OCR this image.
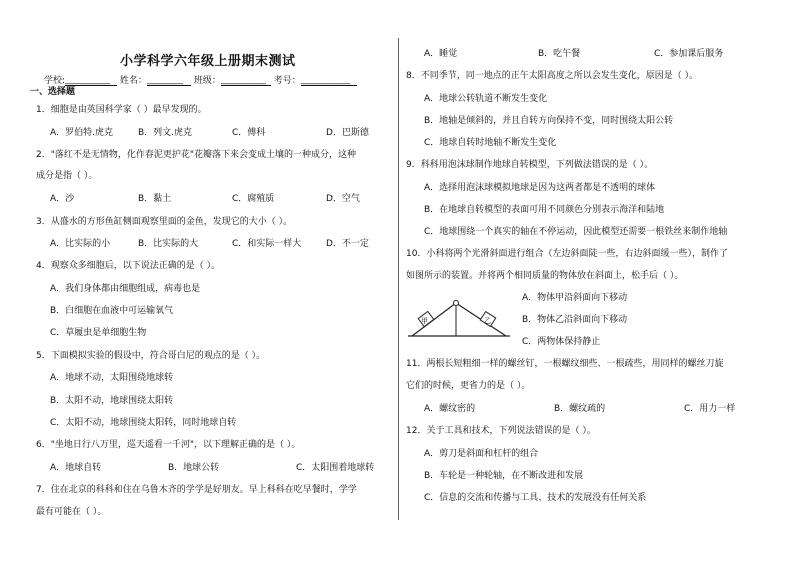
小学科学六年级上册期末测试
学校:__________ 姓名：________ 班级：__________ 考号：___________
一、选择题
1．细胞是由英国科学家（ ）最早发现的。
A．罗伯特.虎克	B．列文.虎克	C．傅科	D．巴斯德
2．"落红不是无情物，化作春泥更护花"花瓣落下来会变成土壤的一种成分，这种
成分是指（ ）。
A．沙	B．黏土	C．腐殖质	D．空气
3．从盛水的方形鱼缸侧面观察里面的金鱼，发现它的大小（ ）。
A．比实际的小	B．比实际的大	C．和实际一样大	D．不一定
4．观察众多细胞后，以下说法正确的是（ ）。
A．我们身体都由细胞组成，病毒也是
B．白细胞在血液中可运输氧气
C．草履虫是单细胞生物
5．下面模拟实验的假设中，符合哥白尼的观点的是（ ）。
A．地球不动，太阳围绕地球转
B．太阳不动，地球围绕太阳转
C．太阳不动，地球围绕太阳转，同时地球自转
6．"坐地日行八万里，巡天遥看一千河"，以下理解正确的是（ ）。
A．地球自转	B．地球公转	C．太阳围着地球转
7．住在北京的科科和住在乌鲁木齐的学学是好朋友。早上科科在吃早餐时，学学
最有可能在（ ）。
A．睡觉	B．吃午餐	C．参加课后服务
8．不同季节，同一地点的正午太阳高度之所以会发生变化，原因是（ ）。
A．地球公转轨道不断发生变化
B．地轴是倾斜的，并且自转方向保持不变，同时围绕太阳公转
C．地球自转时地轴不断发生变化
9．科科用泡沫球制作地球自转模型，下列做法错误的是（ ）。
A．选择用泡沫球模拟地球是因为这两者都是不透明的球体
B．在地球自转模型的表面可用不同颜色分别表示海洋和陆地
C．地球围绕一个真实的轴在不停运动，因此模型还需要一根铁丝来制作地轴
10．小科将两个光滑斜面进行组合（左边斜面陡一些，右边斜面缓一些），制作了
如图所示的装置。并将两个相同质量的物体放在斜面上，松手后（ ）。
甲	乙
A．物体甲沿斜面向下移动
B．物体乙沿斜面向下移动
C．两物体保持静止
11．两根长短粗细一样的螺丝钉，一根螺纹细些、一根疏些，用同样的螺丝刀旋
它们的时候，更省力的是（ ）。
A．螺纹密的	B．螺纹疏的	C．用力一样
12．关于工具和技术，下列说法错误的是（ ）。
A．剪刀是斜面和杠杆的组合
B．车轮是一种轮轴，在不断改进和发展
C．信息的交流和传播与工具、技术的发展没有任何关系
